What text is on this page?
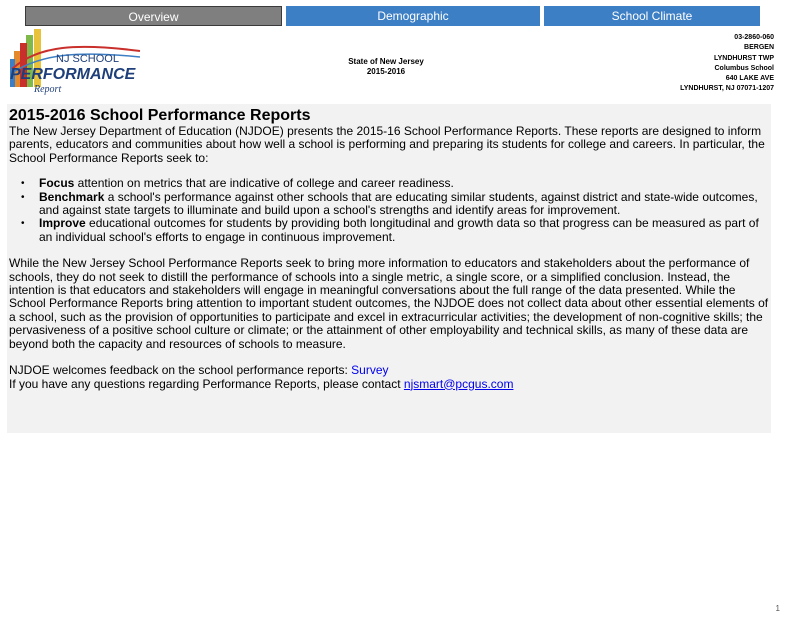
Overview	Demographic	School Climate
NJ SCHOOL
PERFORMANCE
Report
State of New Jersey
2015-2016
03-2860-060
BERGEN
LYNDHURST TWP
Columbus School
640 LAKE AVE
LYNDHURST, NJ 07071-1207
2015-2016 School Performance Reports

The New Jersey Department of Education (NJDOE) presents the 2015-16 School Performance Reports. These reports are designed to inform parents, educators and communities about how well a school is performing and preparing its students for college and careers. In particular, the School Performance Reports seek to:

• Focus attention on metrics that are indicative of college and career readiness.
• Benchmark a school's performance against other schools that are educating similar students, against district and state-wide outcomes, and against state targets to illuminate and build upon a school's strengths and identify areas for improvement.
• Improve educational outcomes for students by providing both longitudinal and growth data so that progress can be measured as part of an individual school's efforts to engage in continuous improvement.

While the New Jersey School Performance Reports seek to bring more information to educators and stakeholders about the performance of schools, they do not seek to distill the performance of schools into a single metric, a single score, or a simplified conclusion. Instead, the intention is that educators and stakeholders will engage in meaningful conversations about the full range of the data presented. While the School Performance Reports bring attention to important student outcomes, the NJDOE does not collect data about other essential elements of a school, such as the provision of opportunities to participate and excel in extracurricular activities; the development of non-cognitive skills; the pervasiveness of a positive school culture or climate; or the attainment of other employability and technical skills, as many of these data are beyond both the capacity and resources of schools to measure.

NJDOE welcomes feedback on the school performance reports: Survey

If you have any questions regarding Performance Reports, please contact njsmart@pcgus.com

1
